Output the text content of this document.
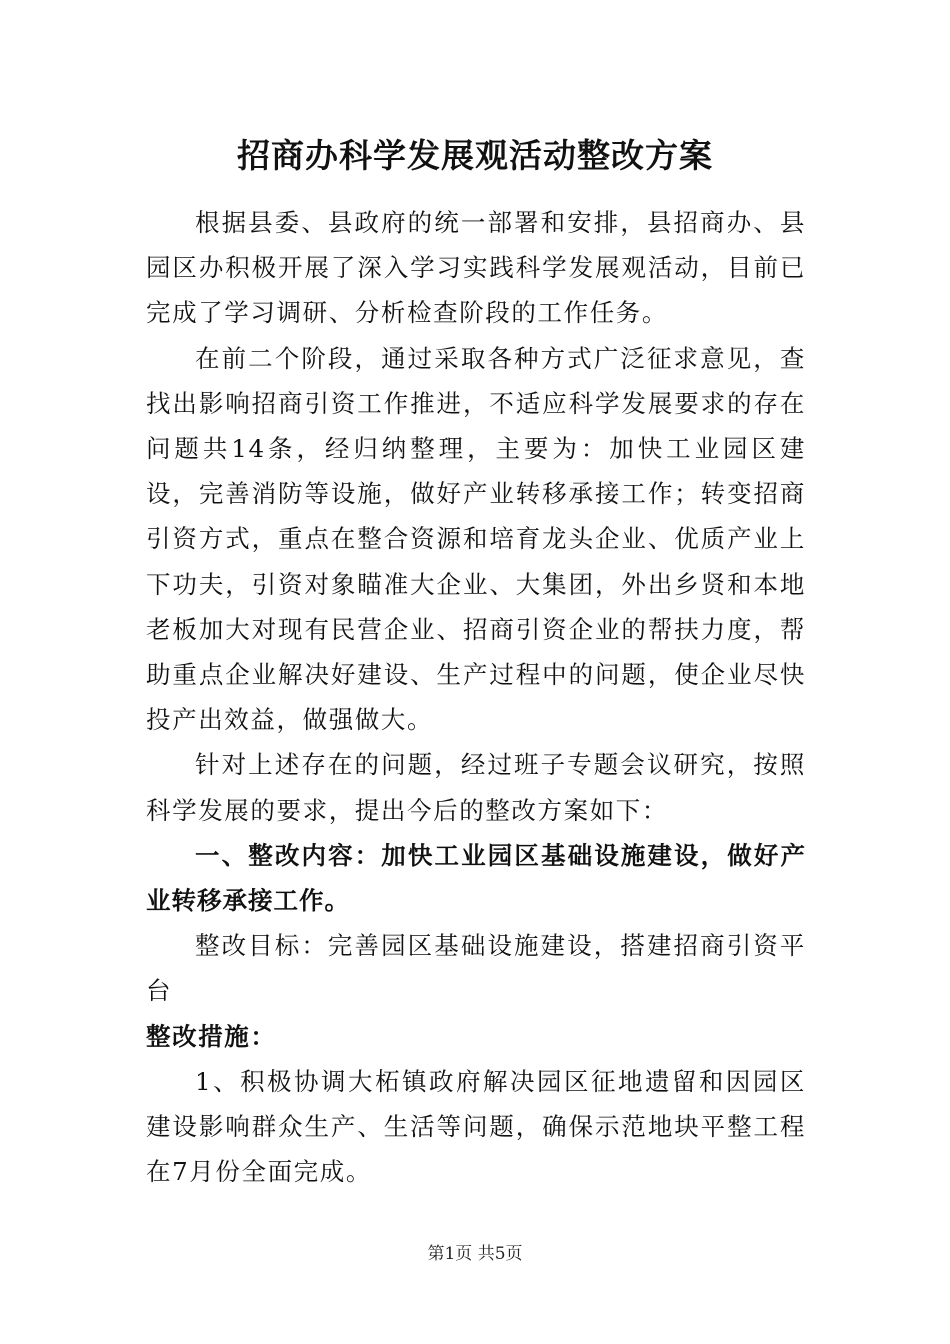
招商办科学发展观活动整改方案

根据县委、县政府的统一部署和安排，县招商办、县园区办积极开展了深入学习实践科学发展观活动，目前已完成了学习调研、分析检查阶段的工作任务。

在前二个阶段，通过采取各种方式广泛征求意见，查找出影响招商引资工作推进，不适应科学发展要求的存在问题共14条，经归纳整理，主要为：加快工业园区建设，完善消防等设施，做好产业转移承接工作；转变招商引资方式，重点在整合资源和培育龙头企业、优质产业上下功夫，引资对象瞄准大企业、大集团，外出乡贤和本地老板加大对现有民营企业、招商引资企业的帮扶力度，帮助重点企业解决好建设、生产过程中的问题，使企业尽快投产出效益，做强做大。

针对上述存在的问题，经过班子专题会议研究，按照科学发展的要求，提出今后的整改方案如下：

一、整改内容：加快工业园区基础设施建设，做好产业转移承接工作。

整改目标：完善园区基础设施建设，搭建招商引资平台

整改措施：

1、积极协调大柘镇政府解决园区征地遗留和因园区建设影响群众生产、生活等问题，确保示范地块平整工程在7月份全面完成。

第1页 共5页
